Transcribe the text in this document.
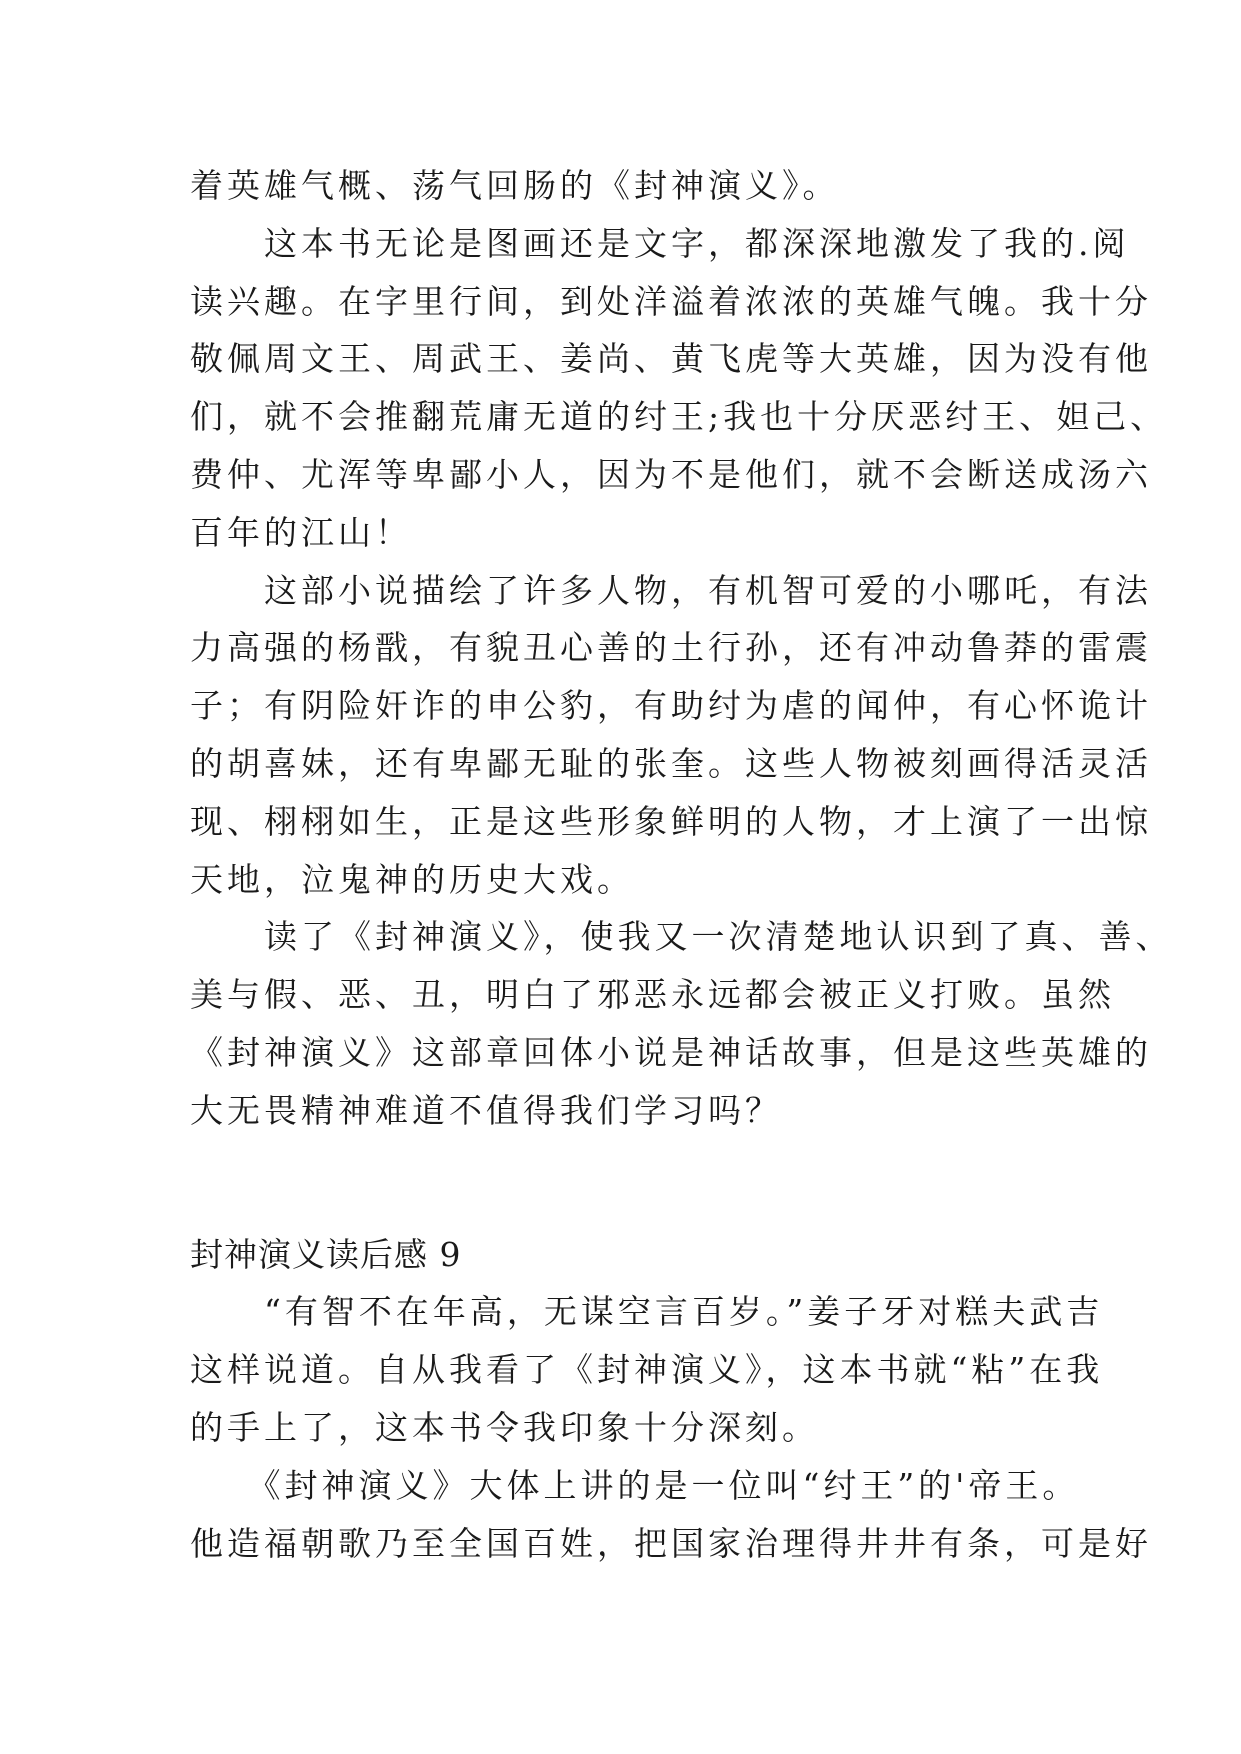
着英雄气概、荡气回肠的《封神演义》。
　　这本书无论是图画还是文字，都深深地激发了我的.阅
读兴趣。在字里行间，到处洋溢着浓浓的英雄气魄。我十分
敬佩周文王、周武王、姜尚、黄飞虎等大英雄，因为没有他
们，就不会推翻荒庸无道的纣王;我也十分厌恶纣王、妲己、
费仲、尤浑等卑鄙小人，因为不是他们，就不会断送成汤六
百年的江山！
　　这部小说描绘了许多人物，有机智可爱的小哪吒，有法
力高强的杨戬，有貌丑心善的土行孙，还有冲动鲁莽的雷震
子；有阴险奸诈的申公豹，有助纣为虐的闻仲，有心怀诡计
的胡喜妹，还有卑鄙无耻的张奎。这些人物被刻画得活灵活
现、栩栩如生，正是这些形象鲜明的人物，才上演了一出惊
天地，泣鬼神的历史大戏。
　　读了《封神演义》，使我又一次清楚地认识到了真、善、
美与假、恶、丑，明白了邪恶永远都会被正义打败。虽然
《封神演义》这部章回体小说是神话故事，但是这些英雄的
大无畏精神难道不值得我们学习吗？
封神演义读后感 9
　　“有智不在年高，无谋空言百岁。”姜子牙对糕夫武吉
这样说道。自从我看了《封神演义》，这本书就“粘”在我
的手上了，这本书令我印象十分深刻。
　　《封神演义》大体上讲的是一位叫“纣王”的'帝王。
他造福朝歌乃至全国百姓，把国家治理得井井有条，可是好
